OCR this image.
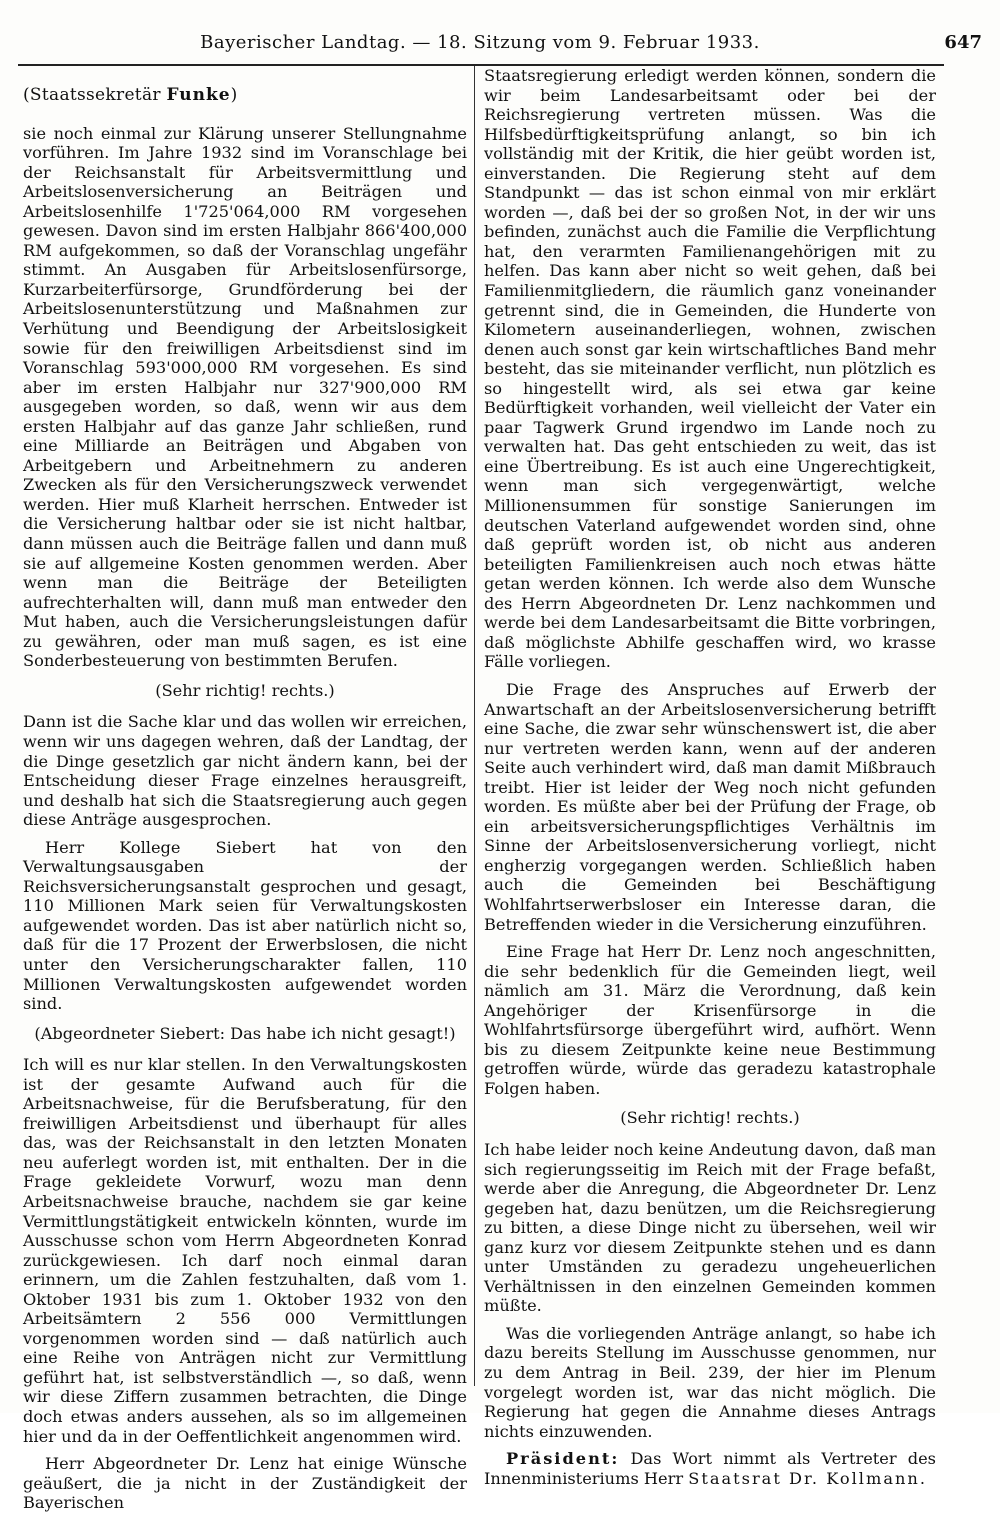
Bayerischer Landtag. — 18. Sitzung vom 9. Februar 1933.	647
(Staatssekretär Funke)

sie noch einmal zur Klärung unserer Stellungnahme vorführen. Im Jahre 1932 sind im Voranschlage bei der Reichsanstalt für Arbeitsvermittlung und Arbeitslosenversicherung an Beiträgen und Arbeitslosenhilfe 1'725'064,000 RM vorgesehen gewesen. Davon sind im ersten Halbjahr 866'400,000 RM aufgekommen, so daß der Voranschlag ungefähr stimmt. An Ausgaben für Arbeitslosenfürsorge, Kurzarbeiterfürsorge, Grundförderung bei der Arbeitslosenunterstützung und Maßnahmen zur Verhütung und Beendigung der Arbeitslosigkeit sowie für den freiwilligen Arbeitsdienst sind im Voranschlag 593'000,000 RM vorgesehen. Es sind aber im ersten Halbjahr nur 327'900,000 RM ausgegeben worden, so daß, wenn wir aus dem ersten Halbjahr auf das ganze Jahr schließen, rund eine Milliarde an Beiträgen und Abgaben von Arbeitgebern und Arbeitnehmern zu anderen Zwecken als für den Versicherungszweck verwendet werden. Hier muß Klarheit herrschen. Entweder ist die Versicherung haltbar oder sie ist nicht haltbar, dann müssen auch die Beiträge fallen und dann muß sie auf allgemeine Kosten genommen werden. Aber wenn man die Beiträge der Beteiligten aufrechterhalten will, dann muß man entweder den Mut haben, auch die Versicherungsleistungen dafür zu gewähren, oder man muß sagen, es ist eine Sonderbesteuerung von bestimmten Berufen.

(Sehr richtig! rechts.)

Dann ist die Sache klar und das wollen wir erreichen, wenn wir uns dagegen wehren, daß der Landtag, der die Dinge gesetzlich gar nicht ändern kann, bei der Entscheidung dieser Frage einzelnes herausgreift, und deshalb hat sich die Staatsregierung auch gegen diese Anträge ausgesprochen.

Herr Kollege Siebert hat von den Verwaltungsausgaben der Reichsversicherungsanstalt gesprochen und gesagt, 110 Millionen Mark seien für Verwaltungskosten aufgewendet worden. Das ist aber natürlich nicht so, daß für die 17 Prozent der Erwerbslosen, die nicht unter den Versicherungscharakter fallen, 110 Millionen Verwaltungskosten aufgewendet worden sind.

(Abgeordneter Siebert: Das habe ich nicht gesagt!)

Ich will es nur klar stellen. In den Verwaltungskosten ist der gesamte Aufwand auch für die Arbeitsnachweise, für die Berufsberatung, für den freiwilligen Arbeitsdienst und überhaupt für alles das, was der Reichsanstalt in den letzten Monaten neu auferlegt worden ist, mit enthalten. Der in die Frage gekleidete Vorwurf, wozu man denn Arbeitsnachweise brauche, nachdem sie gar keine Vermittlungstätigkeit entwickeln könnten, wurde im Ausschusse schon vom Herrn Abgeordneten Konrad zurückgewiesen. Ich darf noch einmal daran erinnern, um die Zahlen festzuhalten, daß vom 1. Oktober 1931 bis zum 1. Oktober 1932 von den Arbeitsämtern 2 556 000 Vermittlungen vorgenommen worden sind — daß natürlich auch eine Reihe von Anträgen nicht zur Vermittlung geführt hat, ist selbstverständlich —, so daß, wenn wir diese Ziffern zusammen betrachten, die Dinge doch etwas anders aussehen, als so im allgemeinen hier und da in der Oeffentlichkeit angenommen wird.

Herr Abgeordneter Dr. Lenz hat einige Wünsche geäußert, die ja nicht in der Zuständigkeit der Bayerischen

Staatsregierung erledigt werden können, sondern die wir beim Landesarbeitsamt oder bei der Reichsregierung vertreten müssen. Was die Hilfsbedürftigkeitsprüfung anlangt, so bin ich vollständig mit der Kritik, die hier geübt worden ist, einverstanden. Die Regierung steht auf dem Standpunkt — das ist schon einmal von mir erklärt worden —, daß bei der so großen Not, in der wir uns befinden, zunächst auch die Familie die Verpflichtung hat, den verarmten Familienangehörigen mit zu helfen. Das kann aber nicht so weit gehen, daß bei Familienmitgliedern, die räumlich ganz voneinander getrennt sind, die in Gemeinden, die Hunderte von Kilometern auseinanderliegen, wohnen, zwischen denen auch sonst gar kein wirtschaftliches Band mehr besteht, das sie miteinander verflicht, nun plötzlich es so hingestellt wird, als sei etwa gar keine Bedürftigkeit vorhanden, weil vielleicht der Vater ein paar Tagwerk Grund irgendwo im Lande noch zu verwalten hat. Das geht entschieden zu weit, das ist eine Übertreibung. Es ist auch eine Ungerechtigkeit, wenn man sich vergegenwärtigt, welche Millionensummen für sonstige Sanierungen im deutschen Vaterland aufgewendet worden sind, ohne daß geprüft worden ist, ob nicht aus anderen beteiligten Familienkreisen auch noch etwas hätte getan werden können. Ich werde also dem Wunsche des Herrn Abgeordneten Dr. Lenz nachkommen und werde bei dem Landesarbeitsamt die Bitte vorbringen, daß möglichste Abhilfe geschaffen wird, wo krasse Fälle vorliegen.

Die Frage des Anspruches auf Erwerb der Anwartschaft an der Arbeitslosenversicherung betrifft eine Sache, die zwar sehr wünschenswert ist, die aber nur vertreten werden kann, wenn auf der anderen Seite auch verhindert wird, daß man damit Mißbrauch treibt. Hier ist leider der Weg noch nicht gefunden worden. Es müßte aber bei der Prüfung der Frage, ob ein arbeitsversicherungspflichtiges Verhältnis im Sinne der Arbeitslosenversicherung vorliegt, nicht engherzig vorgegangen werden. Schließlich haben auch die Gemeinden bei Beschäftigung Wohlfahrtserwerbsloser ein Interesse daran, die Betreffenden wieder in die Versicherung einzuführen.

Eine Frage hat Herr Dr. Lenz noch angeschnitten, die sehr bedenklich für die Gemeinden liegt, weil nämlich am 31. März die Verordnung, daß kein Angehöriger der Krisenfürsorge in die Wohlfahrtsfürsorge übergeführt wird, aufhört. Wenn bis zu diesem Zeitpunkte keine neue Bestimmung getroffen würde, würde das geradezu katastrophale Folgen haben.

(Sehr richtig! rechts.)

Ich habe leider noch keine Andeutung davon, daß man sich regierungsseitig im Reich mit der Frage befaßt, werde aber die Anregung, die Abgeordneter Dr. Lenz gegeben hat, dazu benützen, um die Reichsregierung zu bitten, a diese Dinge nicht zu übersehen, weil wir ganz kurz vor diesem Zeitpunkte stehen und es dann unter Umständen zu geradezu ungeheuerlichen Verhältnissen in den einzelnen Gemeinden kommen müßte.

Was die vorliegenden Anträge anlangt, so habe ich dazu bereits Stellung im Ausschusse genommen, nur zu dem Antrag in Beil. 239, der hier im Plenum vorgelegt worden ist, war das nicht möglich. Die Regierung hat gegen die Annahme dieses Antrags nichts einzuwenden.

Präsident: Das Wort nimmt als Vertreter des Innenministeriums Herr Staatsrat Dr. Kollmann.
